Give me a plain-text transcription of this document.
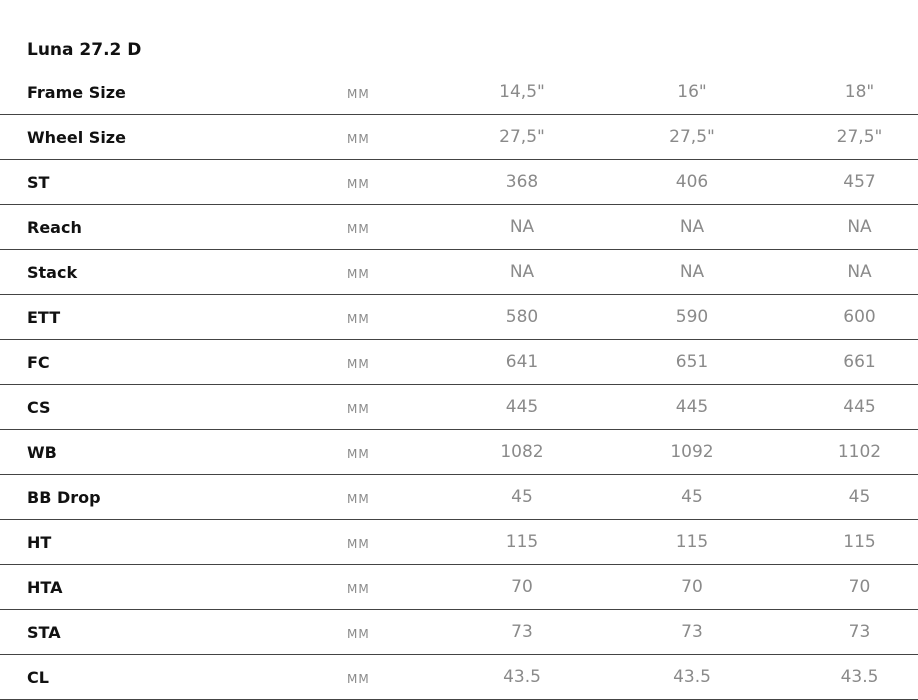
Luna 27.2 D
Frame Size	MM	14,5"	16"	18"
Wheel Size	MM	27,5"	27,5"	27,5"
ST	MM	368	406	457
Reach	MM	NA	NA	NA
Stack	MM	NA	NA	NA
ETT	MM	580	590	600
FC	MM	641	651	661
CS	MM	445	445	445
WB	MM	1082	1092	1102
BB Drop	MM	45	45	45
HT	MM	115	115	115
HTA	MM	70	70	70
STA	MM	73	73	73
CL	MM	43.5	43.5	43.5
